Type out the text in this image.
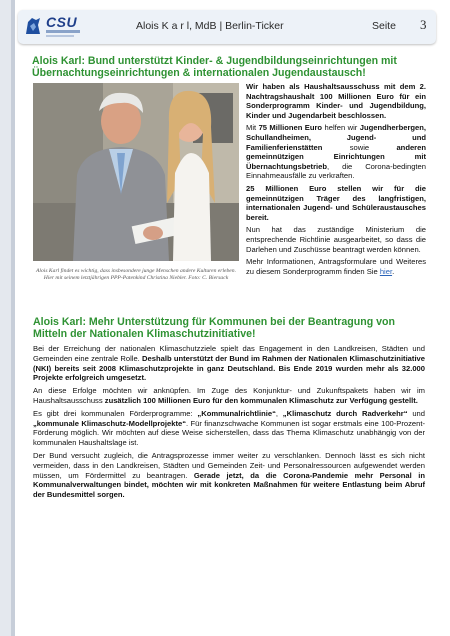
CSU	Alois K a r l, MdB | Berlin-Ticker	Seite 3
Alois Karl: Bund unterstützt Kinder- & Jugendbildungseinrichtungen mit Übernachtungseinrichtungen & internationalen Jugendaustausch!
Alois Karl findet es wichtig, dass insbesondere junge Menschen andere Kulturen erleben. Hier mit seinem letztjährigen PPP-Patenkind Christina Niebler. Foto: C. Biersack

Wir haben als Haushaltsausschuss mit dem 2. Nachtragshaushalt 100 Millionen Euro für ein Sonderprogramm Kinder- und Jugendbildung, Kinder und Jugendarbeit beschlossen.

Mit 75 Millionen Euro helfen wir Jugendherbergen, Schullandheimen, Jugend- und Familienferienstätten sowie anderen gemeinnützigen Einrichtungen mit Übernachtungsbetrieb, die Corona-bedingten Einnahmeausfälle zu verkraften.

25 Millionen Euro stellen wir für die gemeinnützigen Träger des langfristigen, internationalen Jugend- und Schüleraustausches bereit.

Nun hat das zuständige Ministerium die entsprechende Richtlinie ausgearbeitet, so dass die Darlehen und Zuschüsse beantragt werden können.

Mehr Informationen, Antragsformulare und Weiteres zu diesem Sonderprogramm finden Sie hier.

Alois Karl: Mehr Unterstützung für Kommunen bei der Beantragung von Mitteln der Nationalen Klimaschutzinitiative!

Bei der Erreichung der nationalen Klimaschutzziele spielt das Engagement in den Landkreisen, Städten und Gemeinden eine zentrale Rolle. Deshalb unterstützt der Bund im Rahmen der Nationalen Klimaschutzinitiative (NKI) bereits seit 2008 Klimaschutzprojekte in ganz Deutschland. Bis Ende 2019 wurden mehr als 32.000 Projekte erfolgreich umgesetzt.

An diese Erfolge möchten wir anknüpfen. Im Zuge des Konjunktur- und Zukunftspakets haben wir im Haushaltsausschuss zusätzlich 100 Millionen Euro für den kommunalen Klimaschutz zur Verfügung gestellt.

Es gibt drei kommunalen Förderprogramme: „Kommunalrichtlinie“, „Klimaschutz durch Radverkehr“ und „kommunale Klimaschutz-Modellprojekte“. Für finanzschwache Kommunen ist sogar erstmals eine 100-Prozent-Förderung möglich. Wir möchten auf diese Weise sicherstellen, dass das Thema Klimaschutz unabhängig von der kommunalen Haushaltslage ist.

Der Bund versucht zugleich, die Antragsprozesse immer weiter zu verschlanken. Dennoch lässt es sich nicht vermeiden, dass in den Landkreisen, Städten und Gemeinden Zeit- und Personalressourcen aufgewendet werden müssen, um Fördermittel zu beantragen. Gerade jetzt, da die Corona-Pandemie mehr Personal in Kommunalverwaltungen bindet, möchten wir mit konkreten Maßnahmen für weitere Entlastung beim Abruf der Bundesmittel sorgen.
